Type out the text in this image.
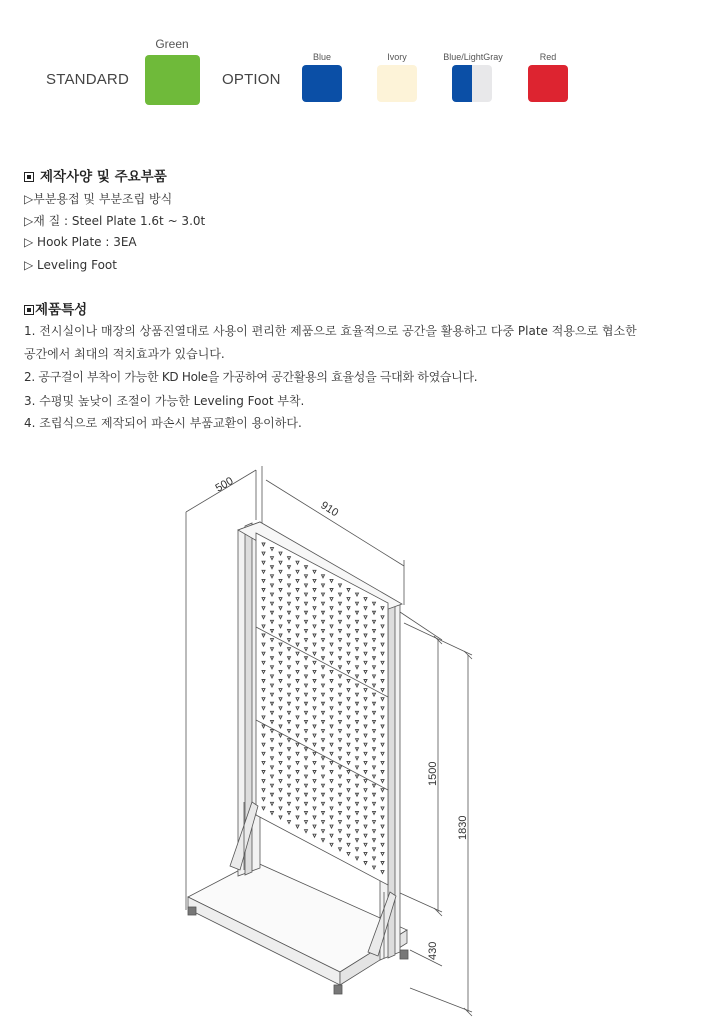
STANDARD
Green
OPTION
Blue	Ivory	Blue/LightGray	Red
제작사양 및 주요부품
▷부분용접 및 부분조립 방식
▷재 질 : Steel Plate 1.6t ~ 3.0t
▷ Hook Plate : 3EA
▷ Leveling Foot
제품특성
1. 전시실이나 매장의 상품진열대로 사용이 편리한 제품으로 효율적으로 공간을 활용하고 다중 Plate 적용으로 협소한
공간에서 최대의 적치효과가 있습니다.
2. 공구걸이 부착이 가능한 KD Hole을 가공하여 공간활용의 효율성을 극대화 하였습니다.
3. 수평및 높낮이 조절이 가능한 Leveling Foot 부착.
4. 조립식으로 제작되어 파손시 부품교환이 용이하다.
500
910
1500
1830
430
